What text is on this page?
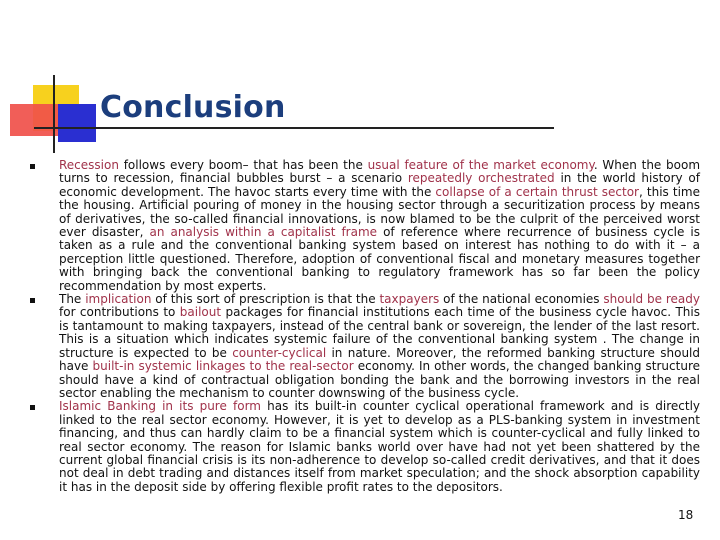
Conclusion

Recession follows every boom– that has been the usual feature of the market economy. When the boom turns to recession, financial bubbles burst – a scenario repeatedly orchestrated in the world history of economic development. The havoc starts every time with the collapse of a certain thrust sector, this time the housing. Artificial pouring of money in the housing sector through a securitization process by means of derivatives, the so-called financial innovations, is now blamed to be the culprit of the perceived worst ever disaster, an analysis within a capitalist frame of reference where recurrence of business cycle is taken as a rule and the conventional banking system based on interest has nothing to do with it – a perception little questioned. Therefore, adoption of conventional fiscal and monetary measures together with bringing back the conventional banking to regulatory framework has so far been the policy recommendation by most experts.

The implication of this sort of prescription is that the taxpayers of the national economies should be ready for contributions to bailout packages for financial institutions each time of the business cycle havoc. This is tantamount to making taxpayers, instead of the central bank or sovereign, the lender of the last resort. This is a situation which indicates systemic failure of the conventional banking system . The change in structure is expected to be counter-cyclical in nature. Moreover, the reformed banking structure should have built-in systemic linkages to the real-sector economy. In other words, the changed banking structure should have a kind of contractual obligation bonding the bank and the borrowing investors in the real sector enabling the mechanism to counter downswing of the business cycle.

Islamic Banking in its pure form has its built-in counter cyclical operational framework and is directly linked to the real sector economy. However, it is yet to develop as a PLS-banking system in investment financing, and thus can hardly claim to be a financial system which is counter-cyclical and fully linked to real sector economy. The reason for Islamic banks world over have had not yet been shattered by the current global financial crisis is its non-adherence to develop so-called credit derivatives, and that it does not deal in debt trading and distances itself from market speculation; and the shock absorption capability it has in the deposit side by offering flexible profit rates to the depositors.

18
